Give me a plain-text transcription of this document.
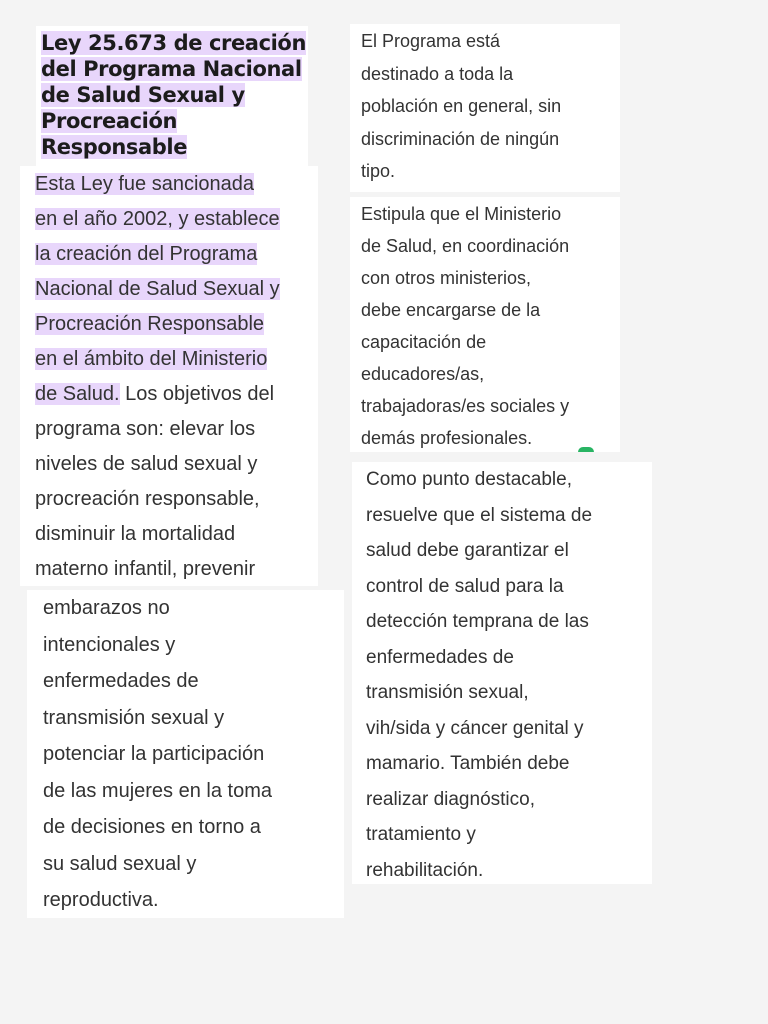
Ley 25.673 de creación
del Programa Nacional
de Salud Sexual y
Procreación
Responsable
Esta Ley fue sancionada
en el año 2002, y establece
la creación del Programa
Nacional de Salud Sexual y
Procreación Responsable
en el ámbito del Ministerio
de Salud. Los objetivos del
programa son: elevar los
niveles de salud sexual y
procreación responsable,
disminuir la mortalidad
materno infantil, prevenir
embarazos no
intencionales y
enfermedades de
transmisión sexual y
potenciar la participación
de las mujeres en la toma
de decisiones en torno a
su salud sexual y
reproductiva.
El Programa está
destinado a toda la
población en general, sin
discriminación de ningún
tipo.
Estipula que el Ministerio
de Salud, en coordinación
con otros ministerios,
debe encargarse de la
capacitación de
educadores/as,
trabajadoras/es sociales y
demás profesionales.
Como punto destacable,
resuelve que el sistema de
salud debe garantizar el
control de salud para la
detección temprana de las
enfermedades de
transmisión sexual,
vih/sida y cáncer genital y
mamario. También debe
realizar diagnóstico,
tratamiento y
rehabilitación.
